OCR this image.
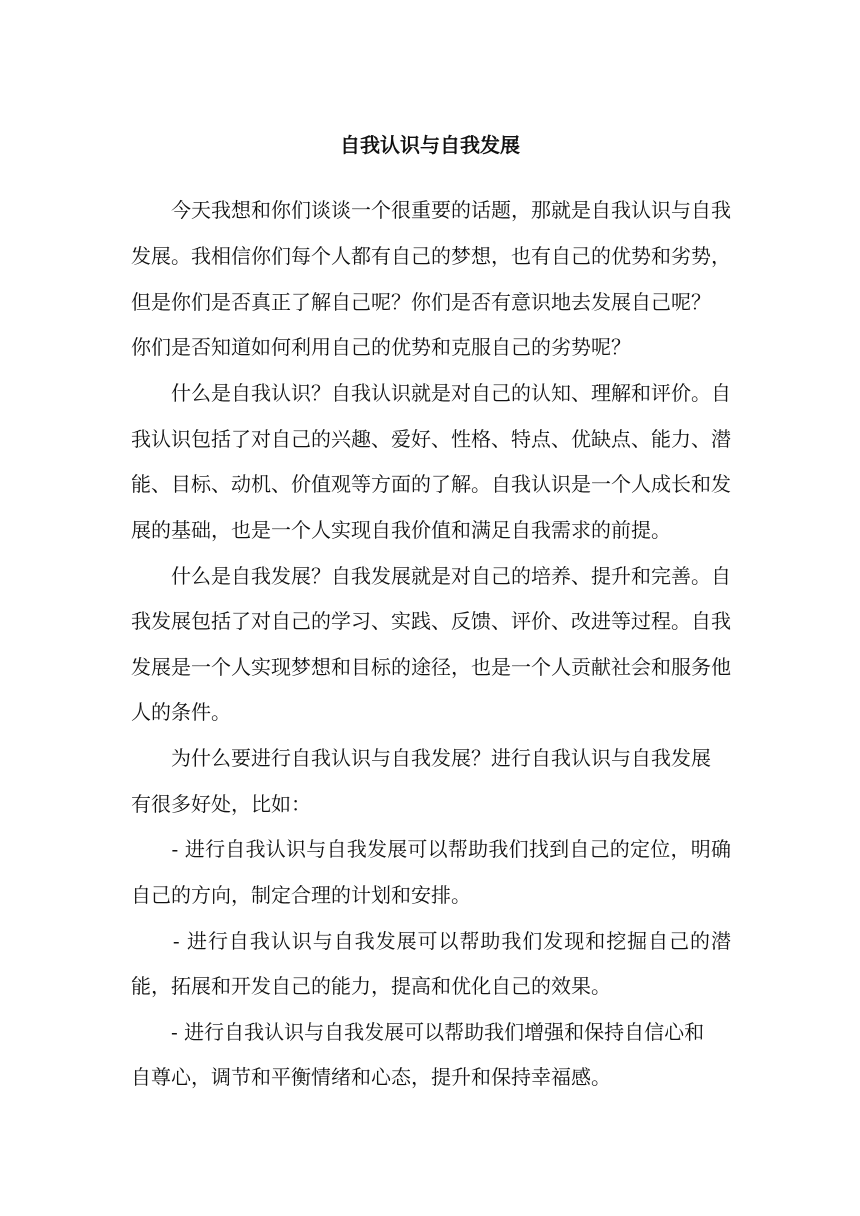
自我认识与自我发展

　　今天我想和你们谈谈一个很重要的话题，那就是自我认识与自我

发展。我相信你们每个人都有自己的梦想，也有自己的优势和劣势，

但是你们是否真正了解自己呢？你们是否有意识地去发展自己呢？

你们是否知道如何利用自己的优势和克服自己的劣势呢？

　　什么是自我认识？自我认识就是对自己的认知、理解和评价。自

我认识包括了对自己的兴趣、爱好、性格、特点、优缺点、能力、潜

能、目标、动机、价值观等方面的了解。自我认识是一个人成长和发

展的基础，也是一个人实现自我价值和满足自我需求的前提。

　　什么是自我发展？自我发展就是对自己的培养、提升和完善。自

我发展包括了对自己的学习、实践、反馈、评价、改进等过程。自我

发展是一个人实现梦想和目标的途径，也是一个人贡献社会和服务他

人的条件。

　　为什么要进行自我认识与自我发展？进行自我认识与自我发展

有很多好处，比如：

　　- 进行自我认识与自我发展可以帮助我们找到自己的定位，明确

自己的方向，制定合理的计划和安排。

　　- 进行自我认识与自我发展可以帮助我们发现和挖掘自己的潜

能，拓展和开发自己的能力，提高和优化自己的效果。

　　- 进行自我认识与自我发展可以帮助我们增强和保持自信心和

自尊心，调节和平衡情绪和心态，提升和保持幸福感。
